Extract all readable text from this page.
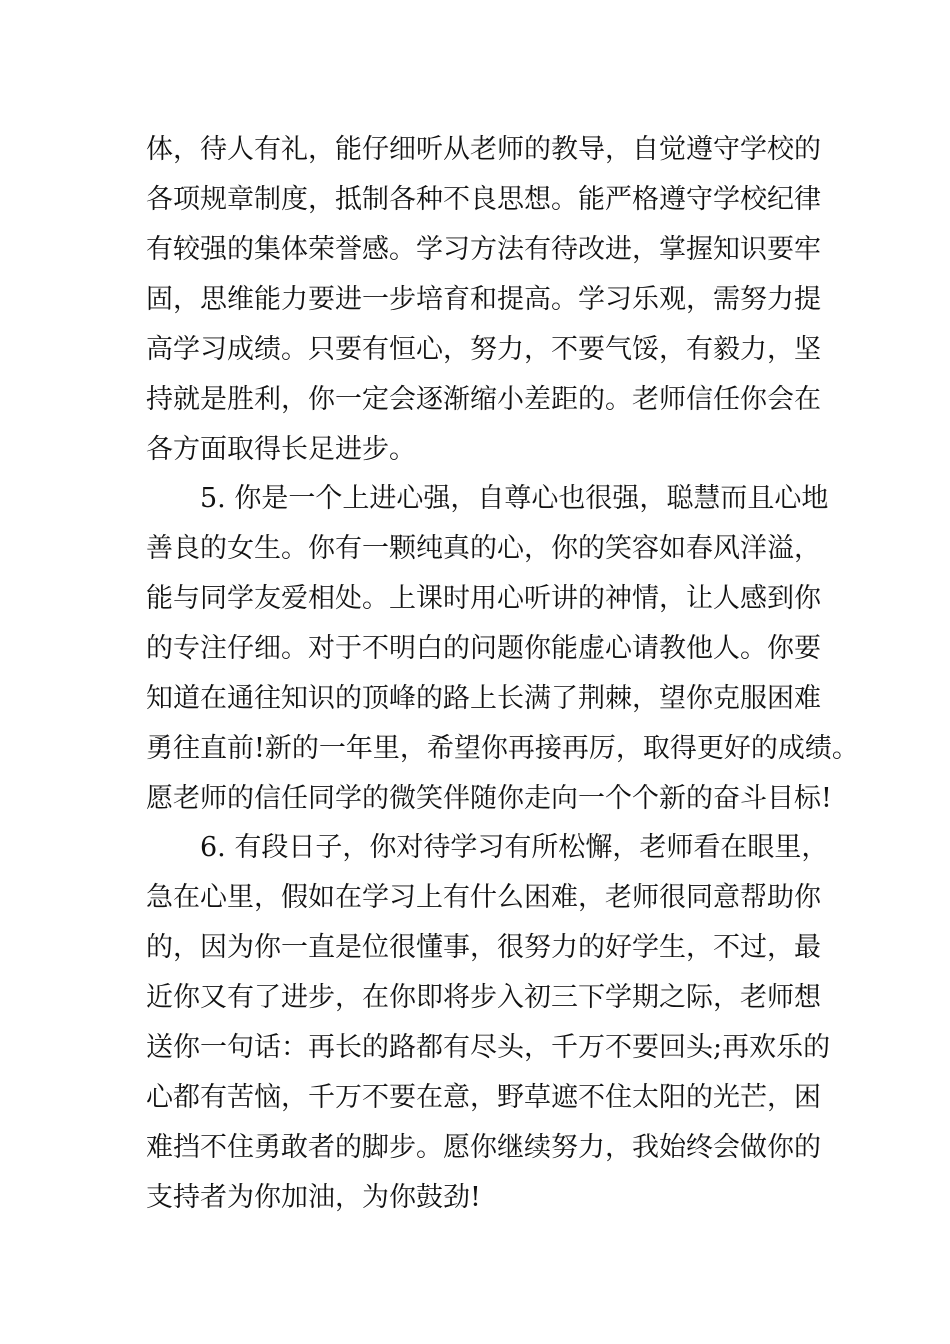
体，待人有礼，能仔细听从老师的教导，自觉遵守学校的
各项规章制度，抵制各种不良思想。能严格遵守学校纪律
有较强的集体荣誉感。学习方法有待改进，掌握知识要牢
固，思维能力要进一步培育和提高。学习乐观，需努力提
高学习成绩。只要有恒心，努力，不要气馁，有毅力，坚
持就是胜利，你一定会逐渐缩小差距的。老师信任你会在
各方面取得长足进步。
5. 你是一个上进心强，自尊心也很强，聪慧而且心地
善良的女生。你有一颗纯真的心，你的笑容如春风洋溢，
能与同学友爱相处。上课时用心听讲的神情，让人感到你
的专注仔细。对于不明白的问题你能虚心请教他人。你要
知道在通往知识的顶峰的路上长满了荆棘，望你克服困难
勇往直前!新的一年里，希望你再接再厉，取得更好的成绩。
愿老师的信任同学的微笑伴随你走向一个个新的奋斗目标!
6. 有段日子，你对待学习有所松懈，老师看在眼里，
急在心里，假如在学习上有什么困难，老师很同意帮助你
的，因为你一直是位很懂事，很努力的好学生，不过，最
近你又有了进步，在你即将步入初三下学期之际，老师想
送你一句话：再长的路都有尽头，千万不要回头;再欢乐的
心都有苦恼，千万不要在意，野草遮不住太阳的光芒，困
难挡不住勇敢者的脚步。愿你继续努力，我始终会做你的
支持者为你加油，为你鼓劲!
